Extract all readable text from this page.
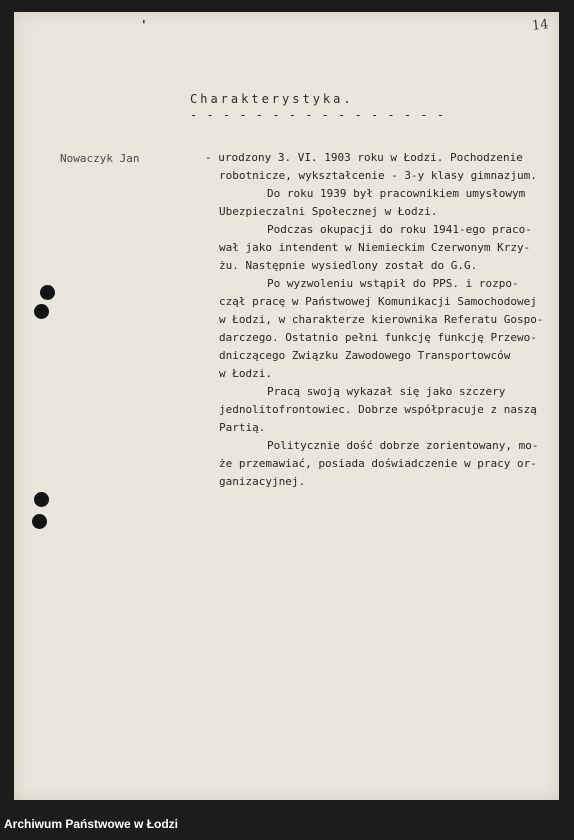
'	14
Charakterystyka.
- - - - - - - - - - - - - - - -
Nowaczyk Jan	- urodzony 3. VI. 1903 roku w Łodzi. Pochodzenie
robotnicze, wykształcenie - 3-y klasy gimnazjum.
Do roku 1939 był pracownikiem umysłowym
Ubezpieczalni Społecznej w Łodzi.
Podczas okupacji do roku 1941-ego praco-
wał jako intendent w Niemieckim Czerwonym Krzy-
żu. Następnie wysiedlony został do G.G.
Po wyzwoleniu wstąpił do PPS. i rozpo-
czął pracę w Państwowej Komunikacji Samochodowej
w Łodzi, w charakterze kierownika Referatu Gospo-
darczego. Ostatnio pełni funkcję funkcję Przewo-
dniczącego Związku Zawodowego Transportowców
w Łodzi.
Pracą swoją wykazał się jako szczery
jednolitofrontowiec. Dobrze współpracuje z naszą
Partią.
Politycznie dość dobrze zorientowany, mo-
że przemawiać, posiada doświadczenie w pracy or-
ganizacyjnej.
Archiwum Państwowe w Łodzi
